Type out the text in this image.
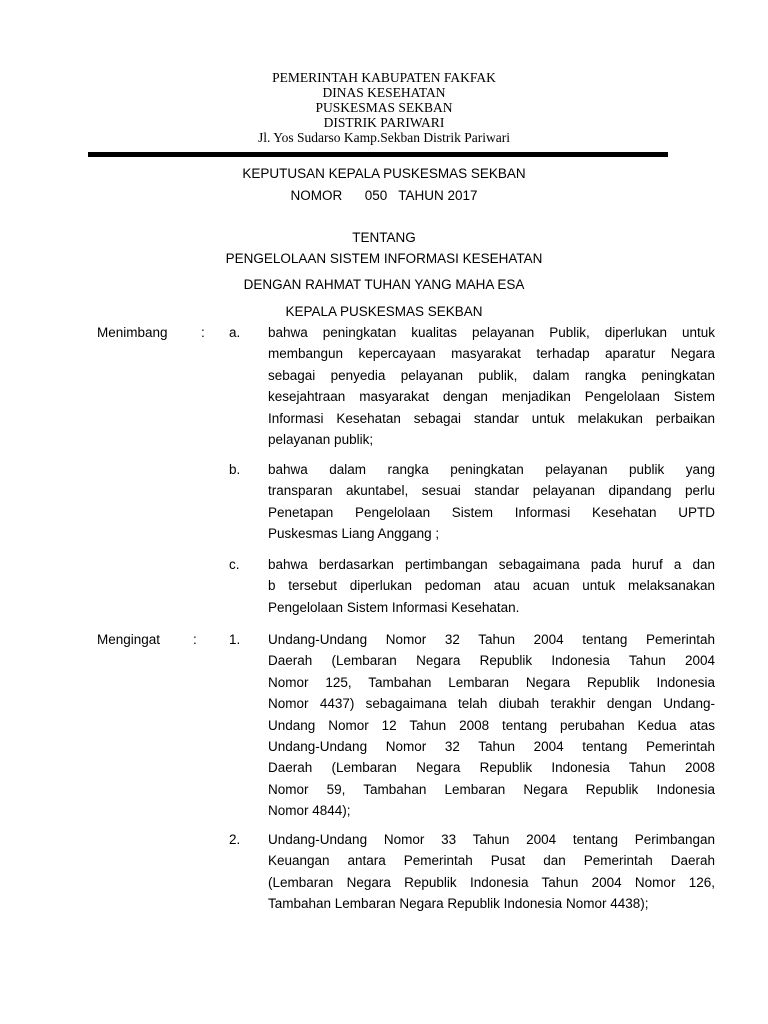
PEMERINTAH KABUPATEN FAKFAK
DINAS KESEHATAN
PUSKESMAS SEKBAN
DISTRIK PARIWARI
Jl. Yos Sudarso Kamp.Sekban Distrik Pariwari
KEPUTUSAN KEPALA PUSKESMAS SEKBAN
NOMOR      050   TAHUN 2017
TENTANG
PENGELOLAAN SISTEM INFORMASI KESEHATAN
DENGAN RAHMAT TUHAN YANG MAHA ESA
KEPALA PUSKESMAS SEKBAN
Menimbang : a. bahwa peningkatan kualitas pelayanan Publik, diperlukan untuk
membangun kepercayaan masyarakat terhadap aparatur Negara
sebagai penyedia pelayanan publik, dalam rangka peningkatan
kesejahtraan masyarakat dengan menjadikan Pengelolaan Sistem
Informasi Kesehatan sebagai standar untuk melakukan perbaikan
pelayanan publik;
b. bahwa dalam rangka peningkatan pelayanan publik yang
transparan akuntabel, sesuai standar pelayanan dipandang perlu
Penetapan Pengelolaan Sistem Informasi Kesehatan UPTD
Puskesmas Liang Anggang ;
c. bahwa berdasarkan pertimbangan sebagaimana pada huruf a dan
b tersebut diperlukan pedoman atau acuan untuk melaksanakan
Pengelolaan Sistem Informasi Kesehatan.
Mengingat : 1. Undang-Undang Nomor 32 Tahun 2004 tentang Pemerintah
Daerah (Lembaran Negara Republik Indonesia Tahun 2004
Nomor 125, Tambahan Lembaran Negara Republik Indonesia
Nomor 4437) sebagaimana telah diubah terakhir dengan Undang-
Undang Nomor 12 Tahun 2008 tentang perubahan Kedua atas
Undang-Undang Nomor 32 Tahun 2004 tentang Pemerintah
Daerah (Lembaran Negara Republik Indonesia Tahun 2008
Nomor 59, Tambahan Lembaran Negara Republik Indonesia
Nomor 4844);
2. Undang-Undang Nomor 33 Tahun 2004 tentang Perimbangan
Keuangan antara Pemerintah Pusat dan Pemerintah Daerah
(Lembaran Negara Republik Indonesia Tahun 2004 Nomor 126,
Tambahan Lembaran Negara Republik Indonesia Nomor 4438);
